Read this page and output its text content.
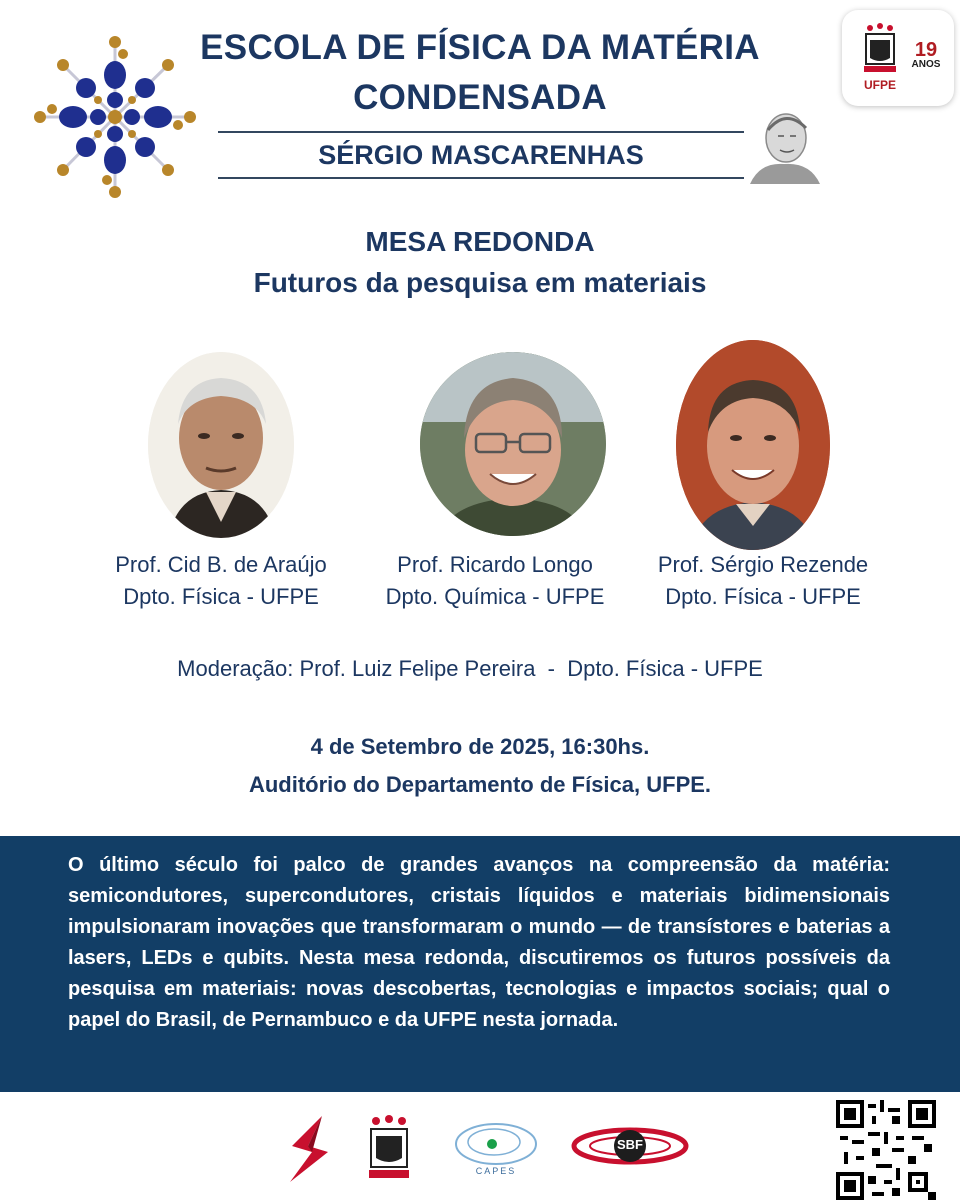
ESCOLA DE FÍSICA DA MATÉRIA
CONDENSADA
SÉRGIO MASCARENHAS
UFPE
19
ANOS
MESA REDONDA
Futuros da pesquisa em materiais
Prof. Cid B. de Araújo
Dpto. Física - UFPE
Prof. Ricardo Longo
Dpto. Química - UFPE
Prof. Sérgio Rezende
Dpto. Física - UFPE
Moderação: Prof. Luiz Felipe Pereira  -  Dpto. Física - UFPE
4 de Setembro de 2025, 16:30hs.
Auditório do Departamento de Física, UFPE.
O último século foi palco de grandes avanços na compreensão da matéria: semicondutores, supercondutores, cristais líquidos e materiais bidimensionais impulsionaram inovações que transformaram o mundo — de transístores e baterias a lasers, LEDs e qubits. Nesta mesa redonda, discutiremos os futuros possíveis da pesquisa em materiais: novas descobertas, tecnologias e impactos sociais; qual o papel do Brasil, de Pernambuco e da UFPE nesta jornada.
CAPES
SBF
